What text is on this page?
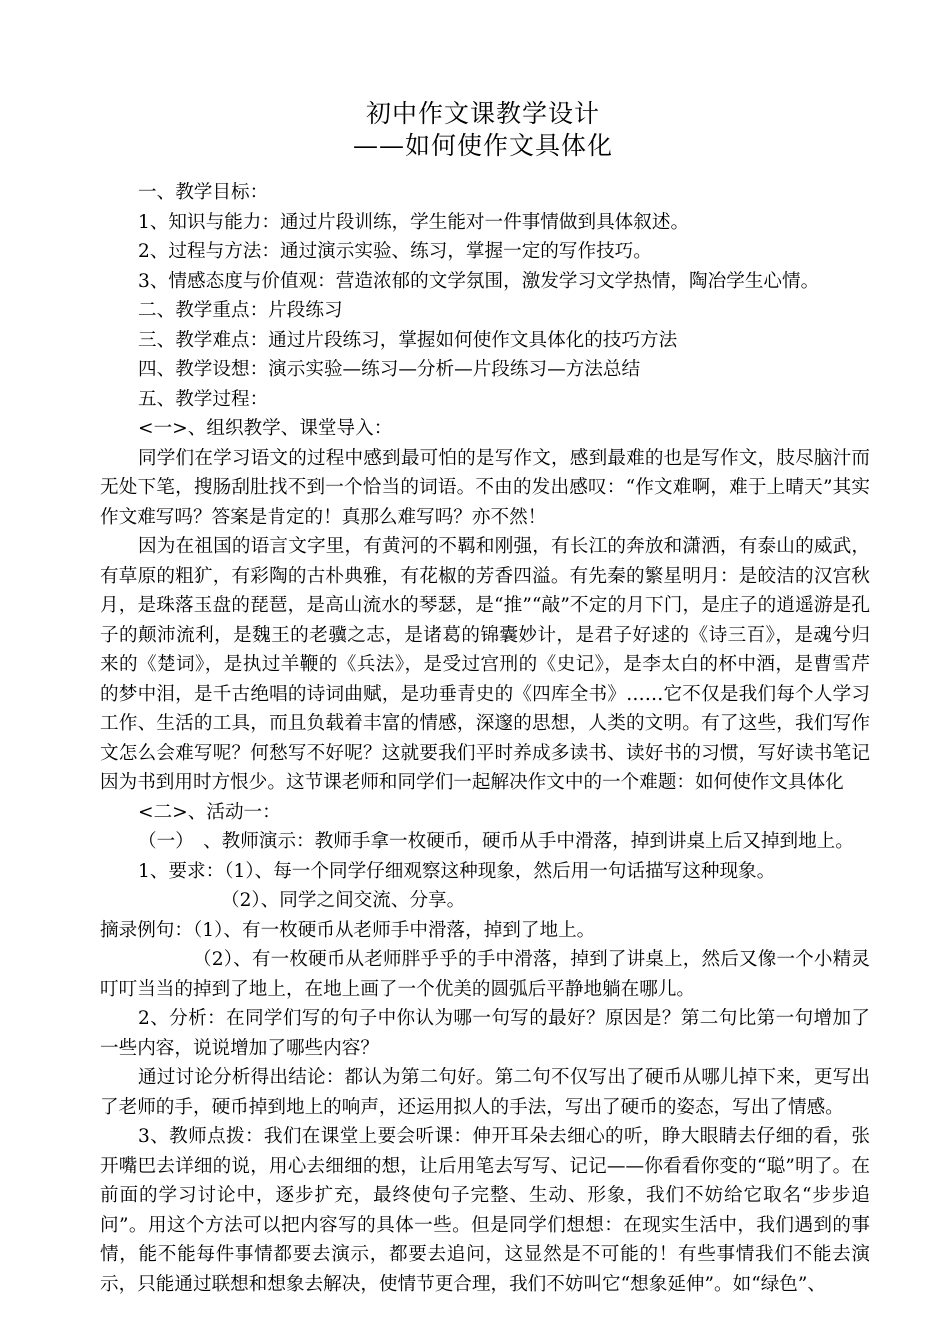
初中作文课教学设计
——如何使作文具体化

一、教学目标：

1、知识与能力：通过片段训练，学生能对一件事情做到具体叙述。

2、过程与方法：通过演示实验、练习，掌握一定的写作技巧。

3、情感态度与价值观：营造浓郁的文学氛围，激发学习文学热情，陶冶学生心情。

二、教学重点：片段练习

三、教学难点：通过片段练习，掌握如何使作文具体化的技巧方法

四、教学设想：演示实验—练习—分析—片段练习—方法总结

五、教学过程：

<一>、组织教学、课堂导入：

同学们在学习语文的过程中感到最可怕的是写作文，感到最难的也是写作文，肢尽脑汁而无处下笔，搜肠刮肚找不到一个恰当的词语。不由的发出感叹：“作文难啊，难于上晴天”其实作文难写吗？答案是肯定的！真那么难写吗？亦不然！

因为在祖国的语言文字里，有黄河的不羁和刚强，有长江的奔放和潇洒，有泰山的威武，有草原的粗犷，有彩陶的古朴典雅，有花椒的芳香四溢。有先秦的繁星明月：是皎洁的汉宫秋月，是珠落玉盘的琵琶，是高山流水的琴瑟，是“推”“敲”不定的月下门，是庄子的逍遥游是孔子的颠沛流利，是魏王的老骥之志，是诸葛的锦囊妙计，是君子好逑的《诗三百》，是魂兮归来的《楚词》，是执过羊鞭的《兵法》，是受过宫刑的《史记》，是李太白的杯中酒，是曹雪芹的梦中泪，是千古绝唱的诗词曲赋，是功垂青史的《四库全书》……它不仅是我们每个人学习工作、生活的工具，而且负载着丰富的情感，深邃的思想，人类的文明。有了这些，我们写作文怎么会难写呢？何愁写不好呢？这就要我们平时养成多读书、读好书的习惯，写好读书笔记因为书到用时方恨少。这节课老师和同学们一起解决作文中的一个难题：如何使作文具体化

<二>、活动一：

（一）　、教师演示：教师手拿一枚硬币，硬币从手中滑落，掉到讲桌上后又掉到地上。

1、要求：（1）、每一个同学仔细观察这种现象，然后用一句话描写这种现象。

（2）、同学之间交流、分享。

摘录例句：（1）、有一枚硬币从老师手中滑落，掉到了地上。

（2）、有一枚硬币从老师胖乎乎的手中滑落，掉到了讲桌上，然后又像一个小精灵叮叮当当的掉到了地上，在地上画了一个优美的圆弧后平静地躺在哪儿。

2、分析：在同学们写的句子中你认为哪一句写的最好？原因是？第二句比第一句增加了一些内容，说说增加了哪些内容？

通过讨论分析得出结论：都认为第二句好。第二句不仅写出了硬币从哪儿掉下来，更写出了老师的手，硬币掉到地上的响声，还运用拟人的手法，写出了硬币的姿态，写出了情感。

3、教师点拨：我们在课堂上要会听课：伸开耳朵去细心的听，睁大眼睛去仔细的看，张开嘴巴去详细的说，用心去细细的想，让后用笔去写写、记记——你看看你变的“聪”明了。在前面的学习讨论中，逐步扩充，最终使句子完整、生动、形象，我们不妨给它取名“步步追问”。用这个方法可以把内容写的具体一些。但是同学们想想：在现实生活中，我们遇到的事情，能不能每件事情都要去演示，都要去追问，这显然是不可能的！有些事情我们不能去演示，只能通过联想和想象去解决，使情节更合理，我们不妨叫它“想象延伸”。如“绿色”、
